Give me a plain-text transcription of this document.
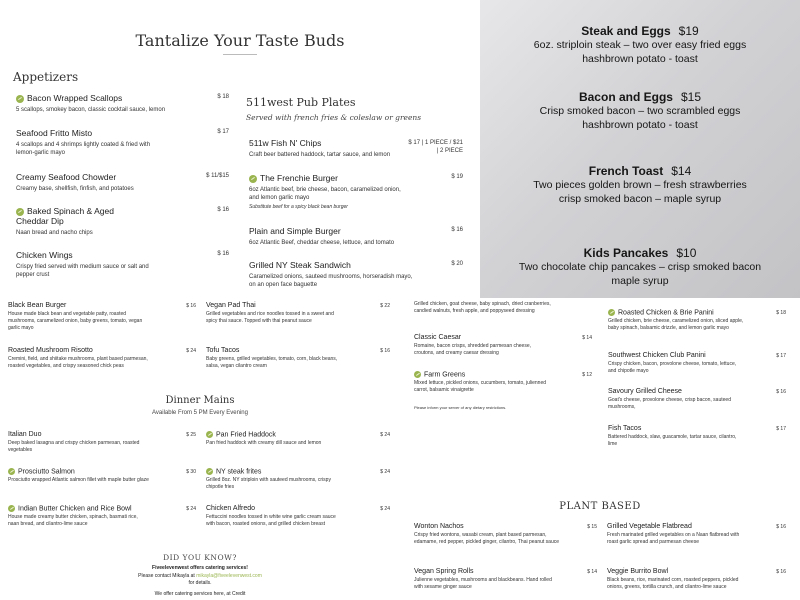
Tantalize Your Taste Buds
Appetizers
Bacon Wrapped Scallops
5 scallops, smokey bacon, classic cocktail sauce, lemon
$ 18
Seafood Fritto Misto
4 scallops and 4 shrimps lightly coated & fried with lemon-garlic mayo
$ 17
Creamy Seafood Chowder
Creamy base, shellfish, finfish, and potatoes
$ 11/$15
Baked Spinach & Aged Cheddar Dip
Naan bread and nacho chips
$ 16
Chicken Wings
Crispy fried served with medium sauce or salt and pepper crust
$ 16
511west Pub Plates
Served with french fries & coleslaw or greens
511w Fish N' Chips
Craft beer battered haddock, tartar sauce, and lemon
$ 17 | 1 PIECE / $21 | 2 PIECE
The Frenchie Burger
6oz Atlantic beef, brie cheese, bacon, caramelized onion, and lemon garlic mayo
Substitute beef for a spicy black bean burger
$ 19
Plain and Simple Burger
6oz Atlantic Beef, cheddar cheese, lettuce, and tomato
$ 16
Grilled NY Steak Sandwich
Caramelized onions, sauteed mushrooms, horseradish mayo, on an open face baguette
$ 20
Steak and Eggs $19
6oz. striploin steak – two over easy fried eggs
hashbrown potato - toast
Bacon and Eggs $15
Crisp smoked bacon – two scrambled eggs
hashbrown potato - toast
French Toast $14
Two pieces golden brown – fresh strawberries
crisp smoked bacon – maple syrup
Kids Pancakes $10
Two chocolate chip pancakes – crisp smoked bacon
maple syrup
Black Bean Burger
House made black bean and vegetable patty, roasted mushrooms, caramelized onion, baby greens, tomato, vegan garlic mayo
$ 16 Vegan Pad Thai
Grilled vegetables and rice noodles tossed in a sweet and spicy thai sauce. Topped with thai peanut sauce
$ 22
Roasted Mushroom Risotto
Cremini, field, and shiitake mushrooms, plant based parmesan, roasted vegetables, and crispy seasoned chick peas
$ 24 Tofu Tacos
Baby greens, grilled vegetables, tomato, corn, black beans, salsa, vegan cilantro cream
$ 16
Dinner Mains
Available From 5 PM Every Evening
Italian Duo
Deep baked lasagna and crispy chicken parmesan, roasted vegetables
$ 25	Pan Fried Haddock
Pan fried haddock with creamy dill sauce and lemon
$ 24
Prosciutto Salmon
Prosciutto wrapped Atlantic salmon fillet with maple butter glaze
$ 30	NY steak frites
Grilled 8oz. NY striploin with sauteed mushrooms, crispy chipotle fries
$ 24
Indian Butter Chicken and Rice Bowl
House made creamy butter chicken, spinach, basmati rice, naan bread, and cilantro-lime sauce
$ 24 Chicken Alfredo
Fettuccini noodles tossed in white wine garlic cream sauce with bacon, roasted onions, and grilled chicken breast
$ 24
DID YOU KNOW?
Fiveelevenwest offers catering services!
Please contact Mikayla at mikayla@fiveelevenwest.com
for details.
We offer catering services here, at Credit
Grilled chicken, goat cheese, baby spinach, dried cranberries, candied walnuts, fresh apple, and poppyseed dressing	Roasted Chicken & Brie Panini
Grilled chicken, brie cheese, caramelized onion, sliced apple, baby spinach, balsamic drizzle, and lemon garlic mayo
$ 18
Classic Caesar
Romaine, bacon crisps, shredded parmesan cheese, croutons, and creamy caesar dressing
$ 14
Southwest Chicken Club Panini
Crispy chicken, bacon, provolone cheese, tomato, lettuce, and chipotle mayo
$ 17
Farm Greens
Mixed lettuce, pickled onions, cucumbers, tomato, julienned carrot, balsamic vinaigrette
$ 12
Savoury Grilled Cheese
Goat's cheese, provolone cheese, crisp bacon, sauteed mushrooms,
$ 16
Please inform your server of any dietary restrictions.
Fish Tacos
Battered haddock, slaw, guacamole, tartar sauce, cilantro, lime
$ 17
PLANT BASED
Wonton Nachos
Crispy fried wontons, wasabi cream, plant based parmesan, edamame, red pepper, pickled ginger, cilantro, Thai peanut sauce
$ 15 Grilled Vegetable Flatbread
Fresh marinated grilled vegetables on a Naan flatbread with roast garlic spread and parmesan cheese
$ 16
Vegan Spring Rolls
Julienne vegetables, mushrooms and blackbeans. Hand rolled with sesame ginger sauce
$ 14 Veggie Burrito Bowl
Black beans, rice, marinated corn, roasted peppers, pickled onions, greens, tortilla crunch, and cilantro-lime sauce
$ 16
